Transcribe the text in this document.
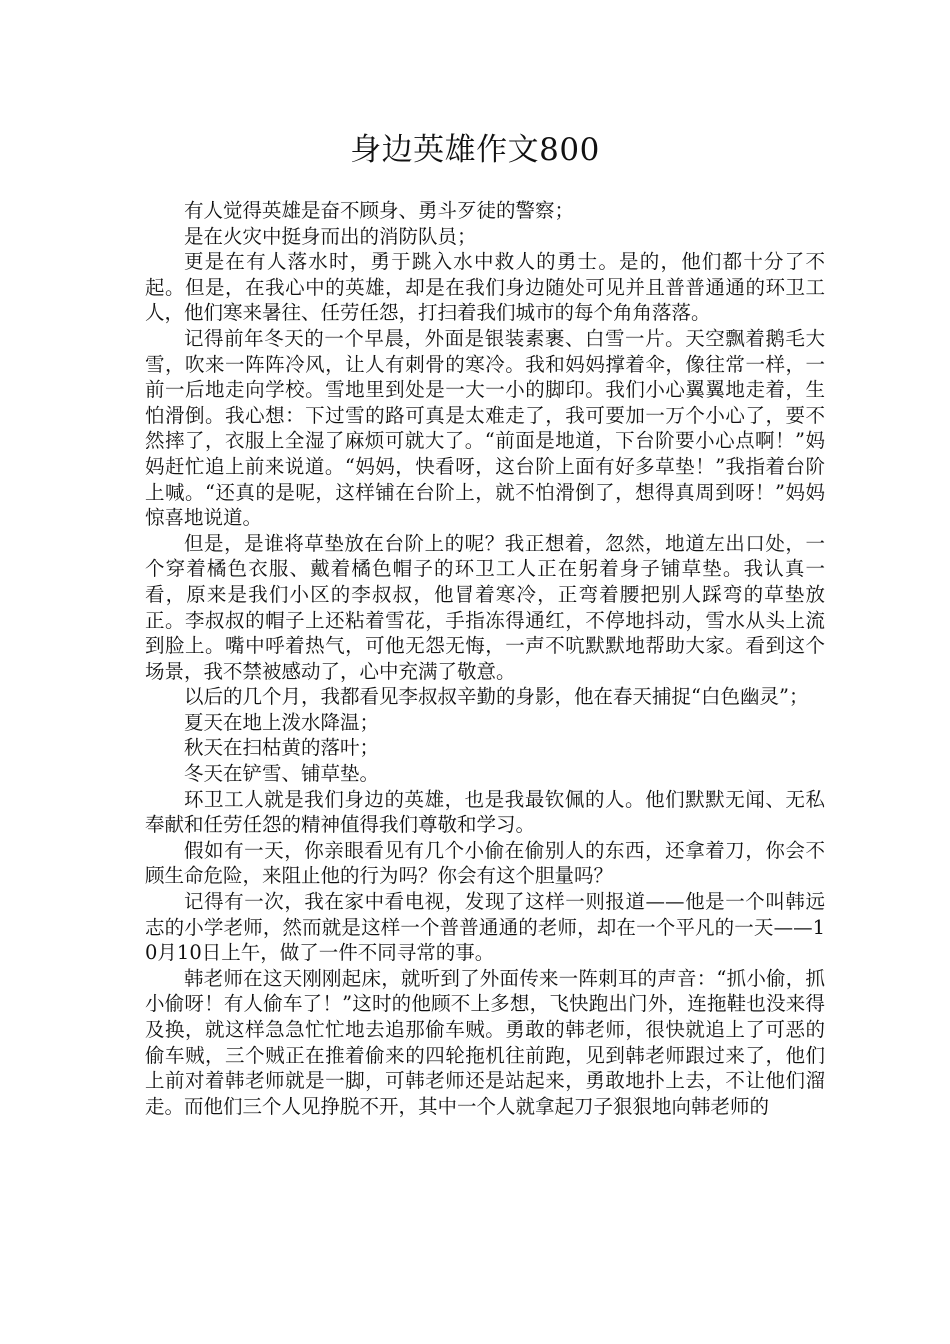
身边英雄作文800

有人觉得英雄是奋不顾身、勇斗歹徒的警察；

是在火灾中挺身而出的消防队员；

更是在有人落水时，勇于跳入水中救人的勇士。是的，他们都十分了不起。但是，在我心中的英雄，却是在我们身边随处可见并且普普通通的环卫工人，他们寒来暑往、任劳任怨，打扫着我们城市的每个角角落落。

记得前年冬天的一个早晨，外面是银装素裹、白雪一片。天空飘着鹅毛大雪，吹来一阵阵冷风，让人有刺骨的寒冷。我和妈妈撑着伞，像往常一样，一前一后地走向学校。雪地里到处是一大一小的脚印。我们小心翼翼地走着，生怕滑倒。我心想：下过雪的路可真是太难走了，我可要加一万个小心了，要不然摔了，衣服上全湿了麻烦可就大了。“前面是地道，下台阶要小心点啊！”妈妈赶忙追上前来说道。“妈妈，快看呀，这台阶上面有好多草垫！”我指着台阶上喊。“还真的是呢，这样铺在台阶上，就不怕滑倒了，想得真周到呀！”妈妈惊喜地说道。

但是，是谁将草垫放在台阶上的呢？我正想着，忽然，地道左出口处，一个穿着橘色衣服、戴着橘色帽子的环卫工人正在躬着身子铺草垫。我认真一看，原来是我们小区的李叔叔，他冒着寒冷，正弯着腰把别人踩弯的草垫放正。李叔叔的帽子上还粘着雪花，手指冻得通红，不停地抖动，雪水从头上流到脸上。嘴中呼着热气，可他无怨无悔，一声不吭默默地帮助大家。看到这个场景，我不禁被感动了，心中充满了敬意。

以后的几个月，我都看见李叔叔辛勤的身影，他在春天捕捉“白色幽灵”；

夏天在地上泼水降温；

秋天在扫枯黄的落叶；

冬天在铲雪、铺草垫。

环卫工人就是我们身边的英雄，也是我最钦佩的人。他们默默无闻、无私奉献和任劳任怨的精神值得我们尊敬和学习。

假如有一天，你亲眼看见有几个小偷在偷别人的东西，还拿着刀，你会不顾生命危险，来阻止他的行为吗？你会有这个胆量吗？

记得有一次，我在家中看电视，发现了这样一则报道——他是一个叫韩远志的小学老师，然而就是这样一个普普通通的老师，却在一个平凡的一天——10月10日上午，做了一件不同寻常的事。

韩老师在这天刚刚起床，就听到了外面传来一阵刺耳的声音：“抓小偷，抓小偷呀！有人偷车了！”这时的他顾不上多想，飞快跑出门外，连拖鞋也没来得及换，就这样急急忙忙地去追那偷车贼。勇敢的韩老师，很快就追上了可恶的偷车贼，三个贼正在推着偷来的四轮拖机往前跑，见到韩老师跟过来了，他们上前对着韩老师就是一脚，可韩老师还是站起来，勇敢地扑上去，不让他们溜走。而他们三个人见挣脱不开，其中一个人就拿起刀子狠狠地向韩老师的
